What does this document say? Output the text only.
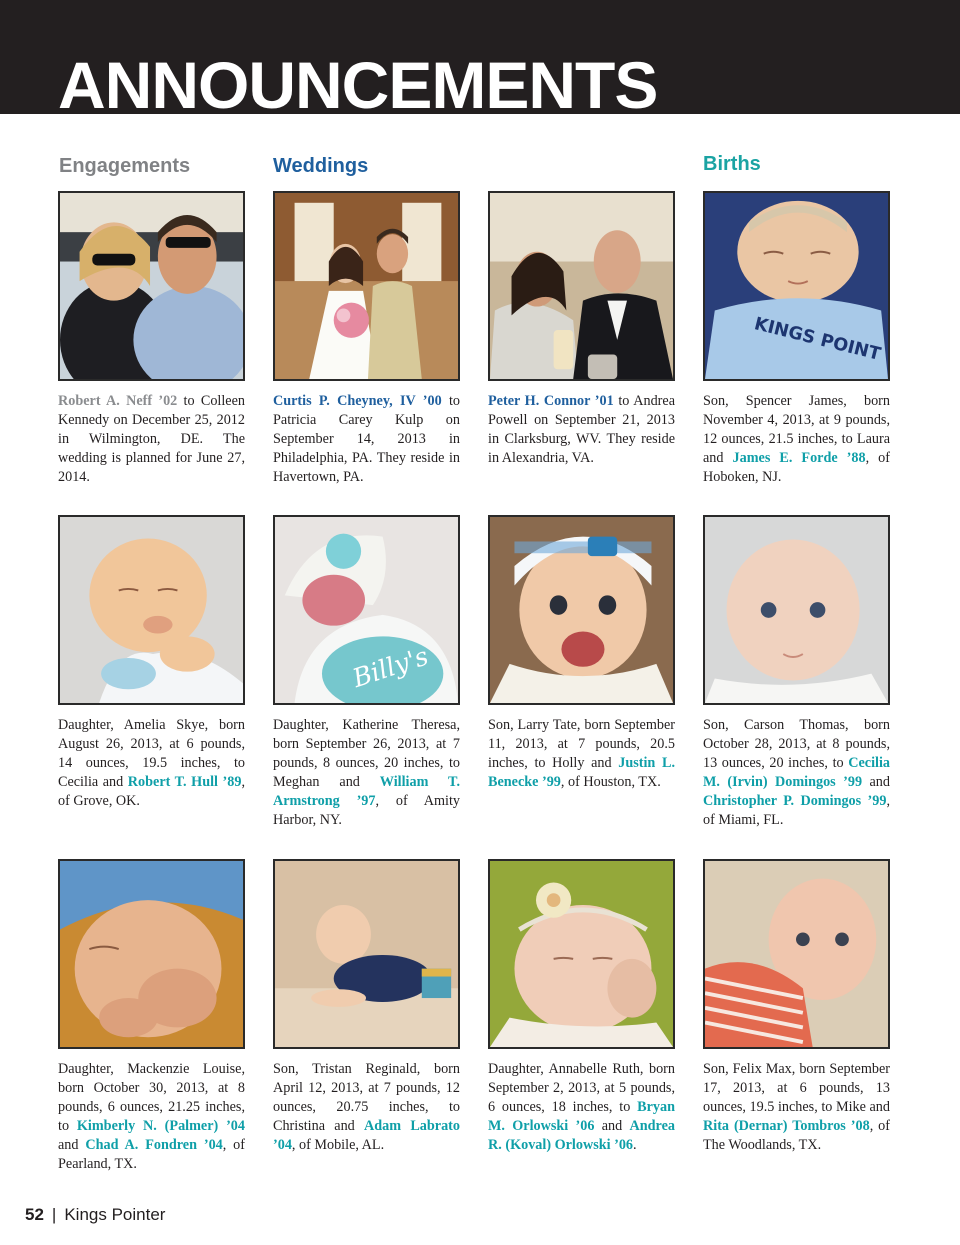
ANNOUNCEMENTS
Engagements	Weddings	Births
Robert A. Neff ’02 to Colleen Kennedy on December 25, 2012 in Wilmington, DE. The wedding is planned for June 27, 2014.
Curtis P. Cheyney, IV ’00 to Patricia Carey Kulp on September 14, 2013 in Philadelphia, PA. They reside in Havertown, PA.
Peter H. Connor ’01 to Andrea Powell on September 21, 2013 in Clarksburg, WV. They reside in Alexandria, VA.
KINGS POINT
Son, Spencer James, born November 4, 2013, at 9 pounds, 12 ounces, 21.5 inches, to Laura and James E. Forde ’88, of Hoboken, NJ.
Daughter, Amelia Skye, born August 26, 2013, at 6 pounds, 14 ounces, 19.5 inches, to Cecilia and Robert T. Hull ’89, of Grove, OK.
Billy's
Daughter, Katherine Theresa, born September 26, 2013, at 7 pounds, 8 ounces, 20 inches, to Meghan and William T. Armstrong ’97, of Amity Harbor, NY.
Son, Larry Tate, born September 11, 2013, at 7 pounds, 20.5 inches, to Holly and Justin L. Benecke ’99, of Houston, TX.
Son, Carson Thomas, born October 28, 2013, at 8 pounds, 13 ounces, 20 inches, to Cecilia M. (Irvin) Domingos ’99 and Christopher P. Domingos ’99, of Miami, FL.
Daughter, Mackenzie Louise, born October 30, 2013, at 8 pounds, 6 ounces, 21.25 inches, to Kimberly N. (Palmer) ’04 and Chad A. Fondren ’04, of Pearland, TX.
Son, Tristan Reginald, born April 12, 2013, at 7 pounds, 12 ounces, 20.75 inches, to Christina and Adam Labrato ’04, of Mobile, AL.
Daughter, Annabelle Ruth, born September 2, 2013, at 5 pounds, 6 ounces, 18 inches, to Bryan M. Orlowski ’06 and Andrea R. (Koval) Orlowski ’06.
Son, Felix Max, born September 17, 2013, at 6 pounds, 13 ounces, 19.5 inches, to Mike and Rita (Dernar) Tombros ’08, of The Woodlands, TX.
52 | Kings Pointer
